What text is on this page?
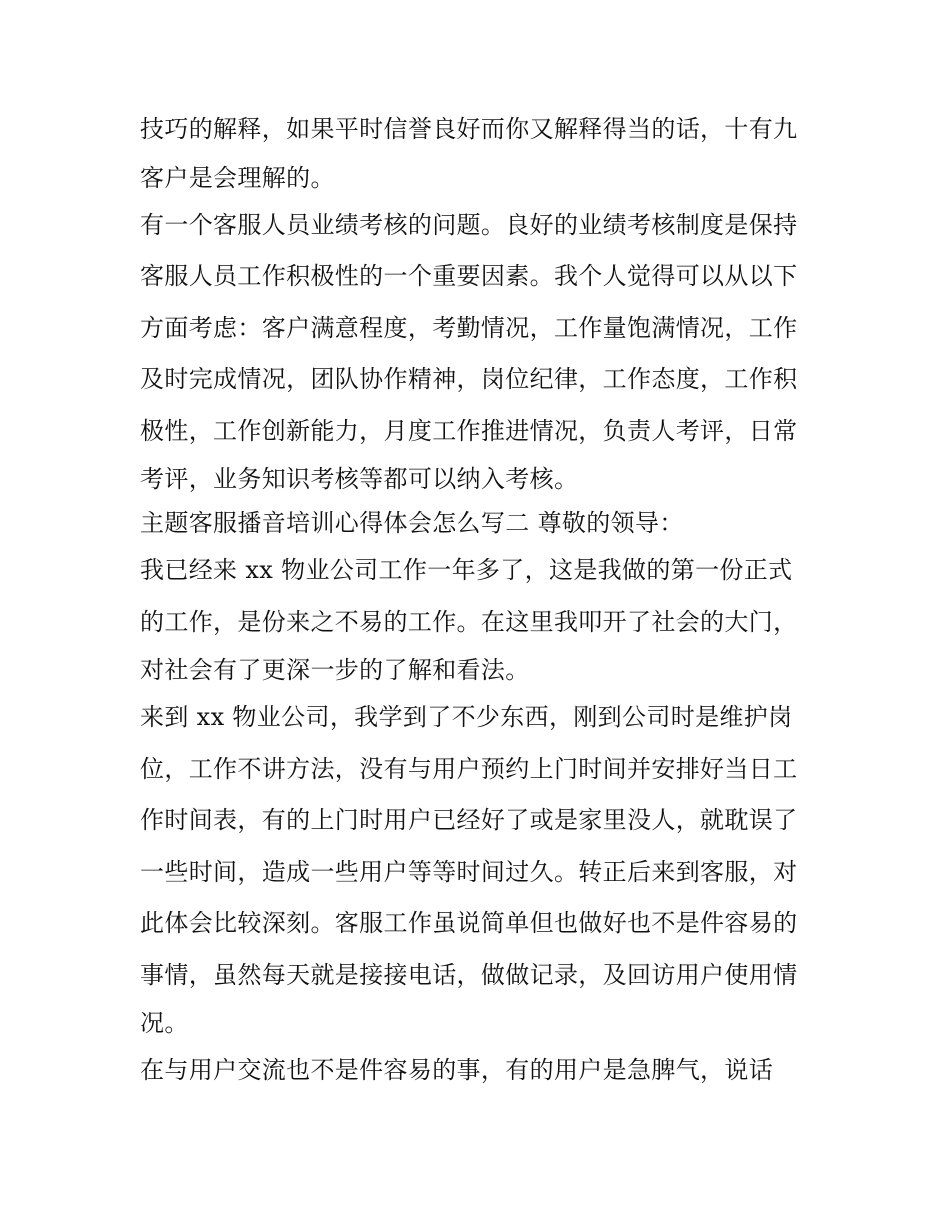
技巧的解释，如果平时信誉良好而你又解释得当的话，十有九
客户是会理解的。
有一个客服人员业绩考核的问题。良好的业绩考核制度是保持
客服人员工作积极性的一个重要因素。我个人觉得可以从以下
方面考虑：客户满意程度，考勤情况，工作量饱满情况，工作
及时完成情况，团队协作精神，岗位纪律，工作态度，工作积
极性，工作创新能力，月度工作推进情况，负责人考评，日常
考评，业务知识考核等都可以纳入考核。
主题客服播音培训心得体会怎么写二 尊敬的领导：
我已经来 xx 物业公司工作一年多了，这是我做的第一份正式
的工作，是份来之不易的工作。在这里我叩开了社会的大门，
对社会有了更深一步的了解和看法。
来到 xx 物业公司，我学到了不少东西，刚到公司时是维护岗
位，工作不讲方法，没有与用户预约上门时间并安排好当日工
作时间表，有的上门时用户已经好了或是家里没人，就耽误了
一些时间，造成一些用户等等时间过久。转正后来到客服，对
此体会比较深刻。客服工作虽说简单但也做好也不是件容易的
事情，虽然每天就是接接电话，做做记录，及回访用户使用情
况。
在与用户交流也不是件容易的事，有的用户是急脾气，说话
